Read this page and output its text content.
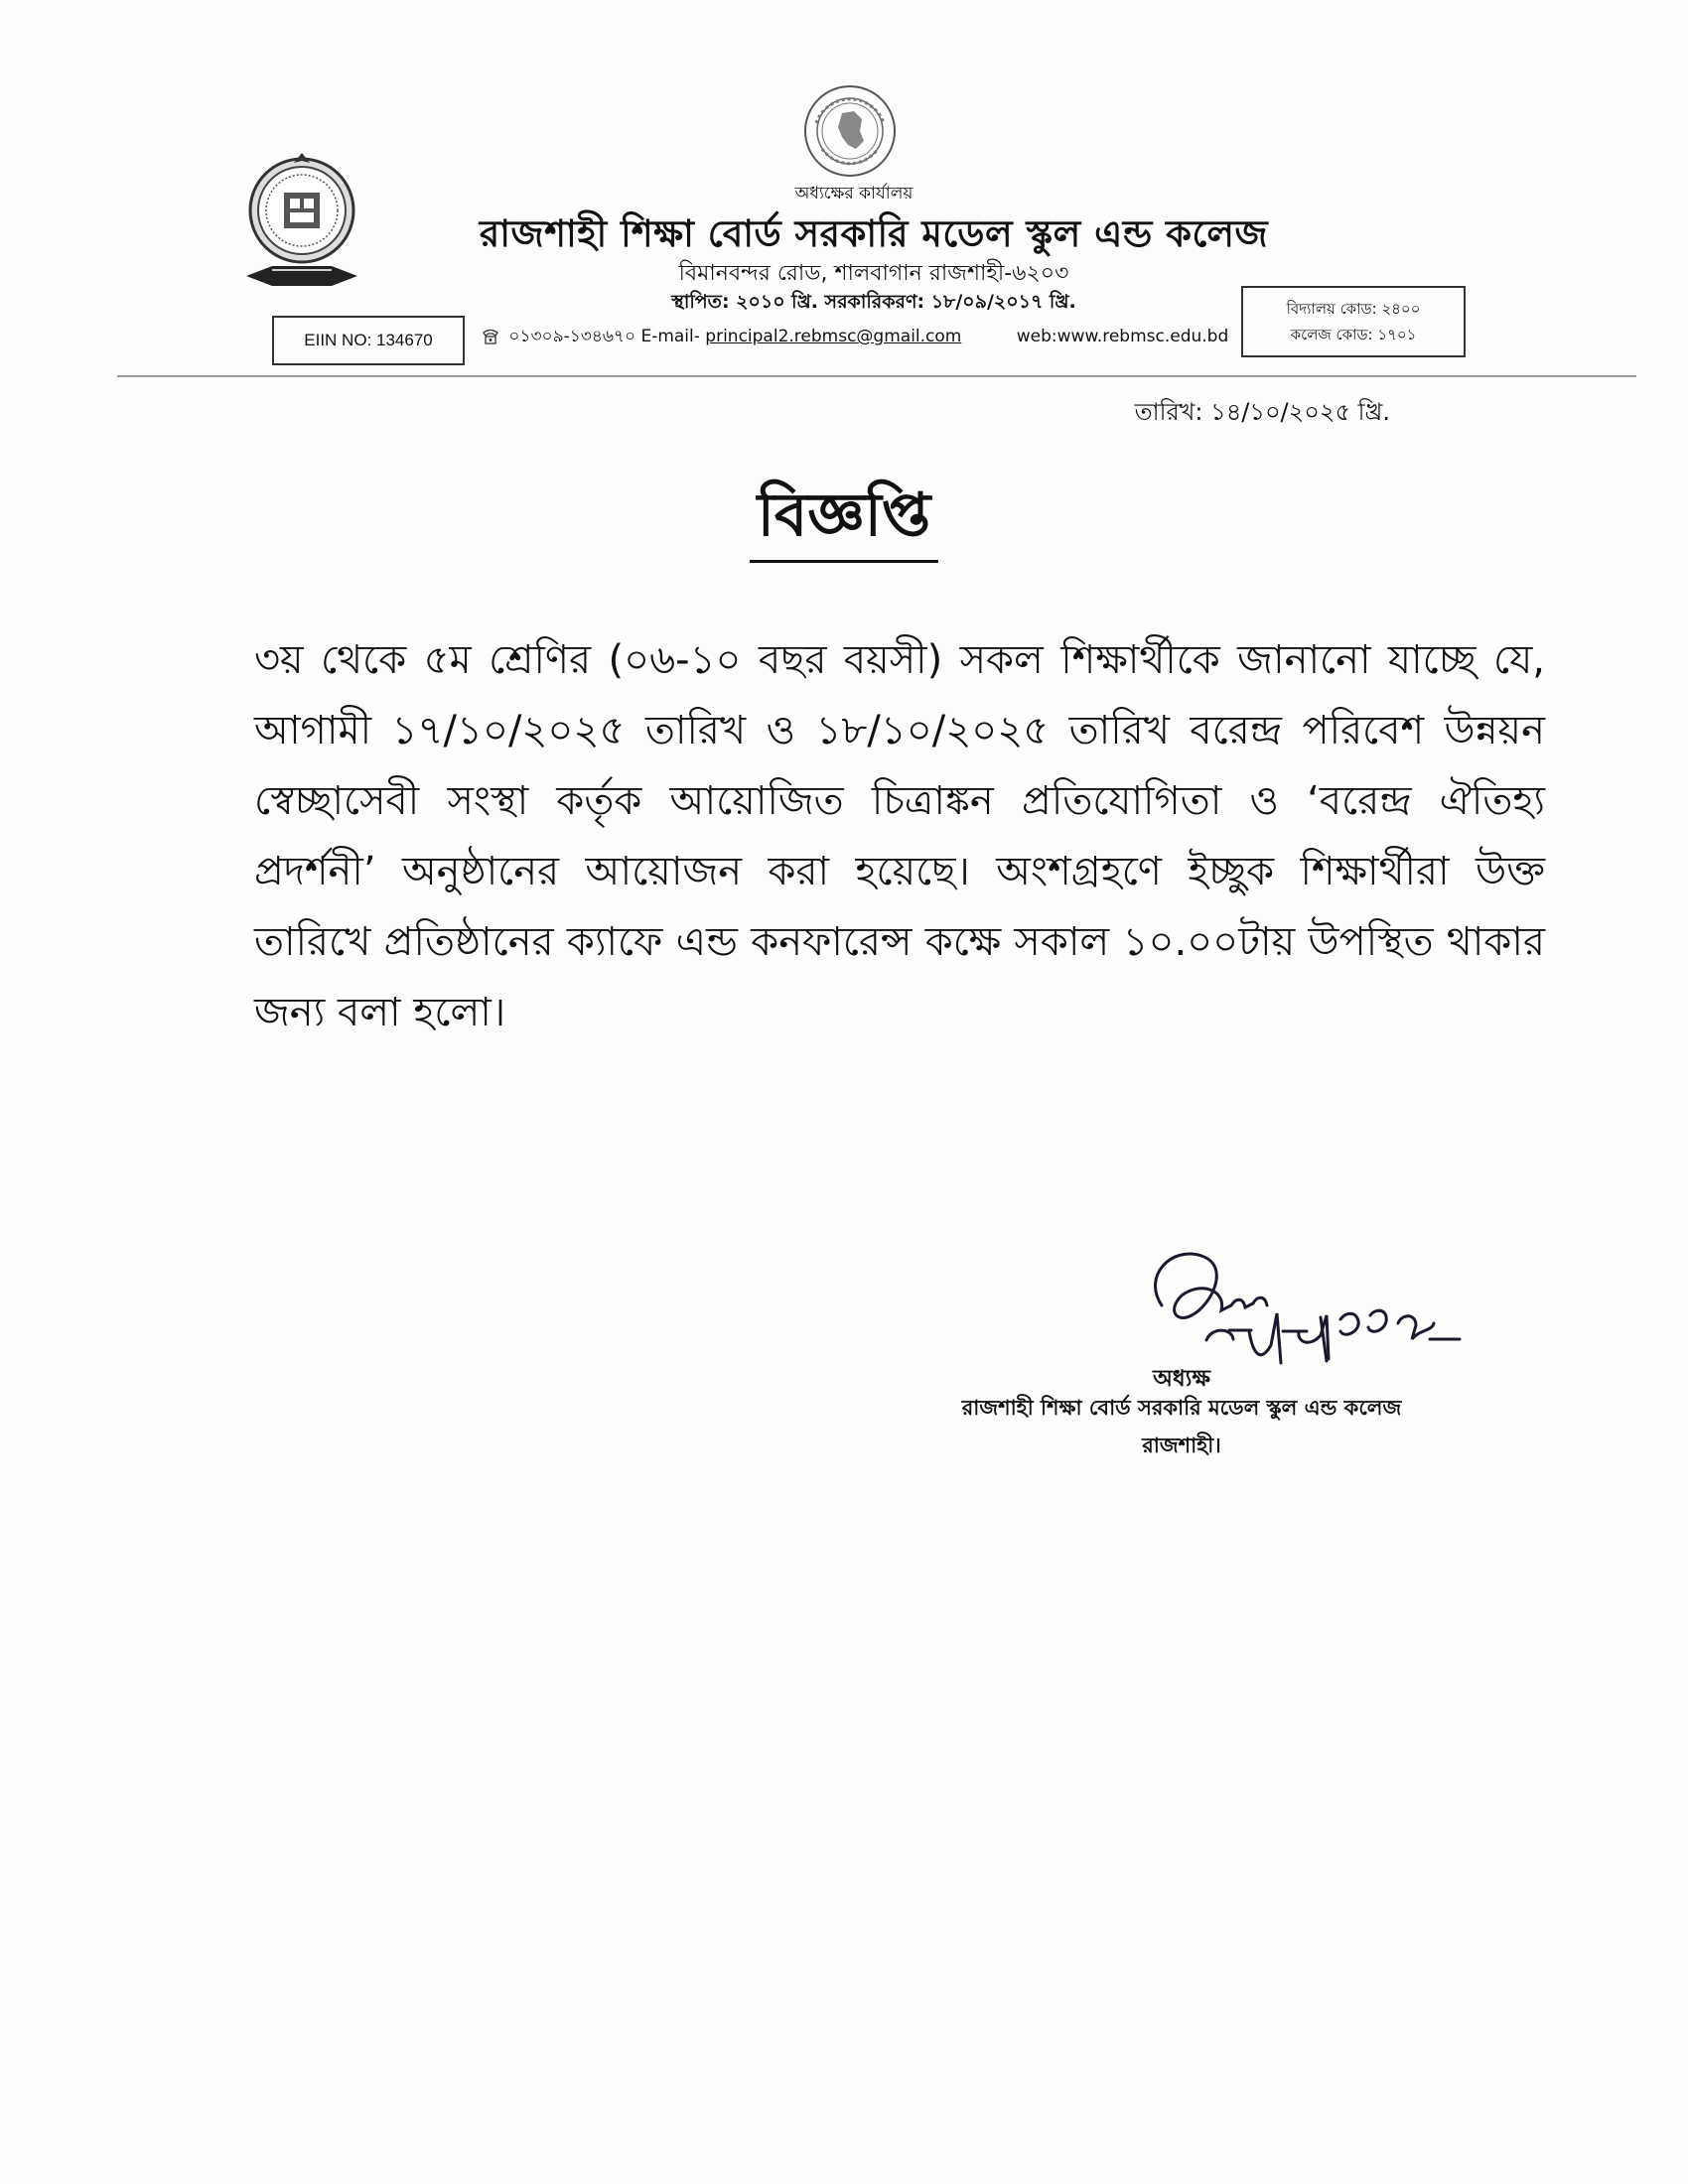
অধ্যক্ষের কার্যালয়
রাজশাহী শিক্ষা বোর্ড সরকারি মডেল স্কুল এন্ড কলেজ
বিমানবন্দর রোড, শালবাগান রাজশাহী-৬২০৩
স্থাপিত: ২০১০ খ্রি. সরকারিকরণ: ১৮/০৯/২০১৭ খ্রি.
EIIN NO: 134670	০১৩০৯-১৩৪৬৭০ E-mail- principal2.rebmsc@gmail.com	web:www.rebmsc.edu.bd
বিদ্যালয় কোড: ২৪০০
কলেজ কোড: ১৭০১
তারিখ: ১৪/১০/২০২৫ খ্রি.
বিজ্ঞপ্তি

৩য় থেকে ৫ম শ্রেণির (০৬-১০ বছর বয়সী) সকল শিক্ষার্থীকে জানানো যাচ্ছে যে, আগামী ১৭/১০/২০২৫ তারিখ ও ১৮/১০/২০২৫ তারিখ বরেন্দ্র পরিবেশ উন্নয়ন স্বেচ্ছাসেবী সংস্থা কর্তৃক আয়োজিত চিত্রাঙ্কন প্রতিযোগিতা ও ‘বরেন্দ্র ঐতিহ্য প্রদর্শনী’ অনুষ্ঠানের আয়োজন করা হয়েছে। অংশগ্রহণে ইচ্ছুক শিক্ষার্থীরা উক্ত তারিখে প্রতিষ্ঠানের ক্যাফে এন্ড কনফারেন্স কক্ষে সকাল ১০.০০টায় উপস্থিত থাকার জন্য বলা হলো।

অধ্যক্ষ
রাজশাহী শিক্ষা বোর্ড সরকারি মডেল স্কুল এন্ড কলেজ
রাজশাহী।
